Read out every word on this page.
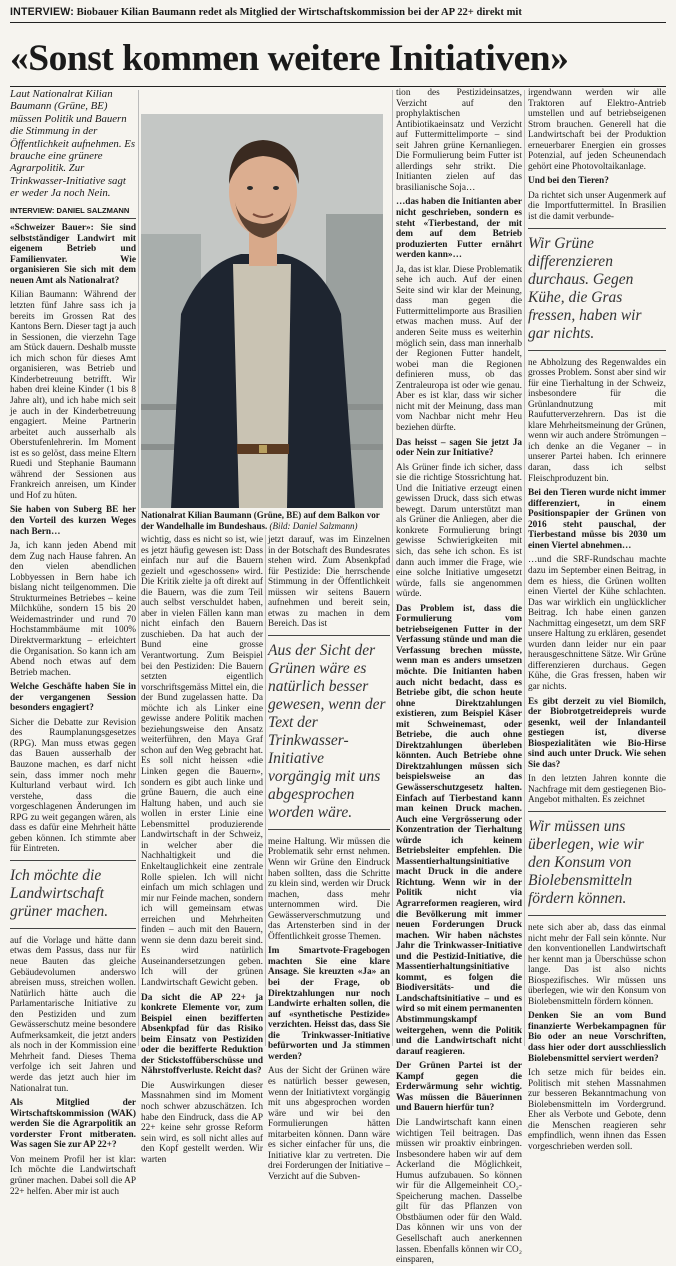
INTERVIEW: Biobauer Kilian Baumann redet als Mitglied der Wirtschaftskommission bei der AP 22+ direkt mit
«Sonst kommen weitere Initiativen»

Laut Nationalrat Kilian Baumann (Grüne, BE) müssen Politik und Bauern die Stimmung in der Öffentlichkeit aufnehmen. Es brauche eine grünere Agrarpolitik. Zur Trinkwasser-Initiative sagt er weder Ja noch Nein.

INTERVIEW: DANIEL SALZMANN

«Schweizer Bauer»: Sie sind selbstständiger Landwirt mit eigenem Betrieb und Familienvater. Wie organisieren Sie sich mit dem neuen Amt als Nationalrat?

Kilian Baumann: Während der letzten fünf Jahre sass ich ja bereits im Grossen Rat des Kantons Bern. Dieser tagt ja auch in Sessionen, die vierzehn Tage am Stück dauern. Deshalb musste ich mich schon für dieses Amt organisieren, was Betrieb und Kinderbetreuung betrifft. Wir haben drei kleine Kinder (1 bis 8 Jahre alt), und ich habe mich seit je auch in der Kinderbetreuung engagiert. Meine Partnerin arbeitet auch ausserhalb als Oberstufenlehrerin. Im Moment ist es so gelöst, dass meine Eltern Ruedi und Stephanie Baumann während der Sessionen aus Frankreich anreisen, um Kinder und Hof zu hüten.

Sie haben von Suberg BE her den Vorteil des kurzen Weges nach Bern…

Ja, ich kann jeden Abend mit dem Zug nach Hause fahren. An den vielen abendlichen Lobbyessen in Bern habe ich bislang nicht teilgenommen. Die Strukturmeines Betriebes – keine Milchkühe, sondern 15 bis 20 Weidemastrinder und rund 70 Hochstammbäume mit 100% Direktvermarktung – erleichtert die Organisation. So kann ich am Abend noch etwas auf dem Betrieb machen.

Welche Geschäfte haben Sie in der vergangenen Session besonders engagiert?

Sicher die Debatte zur Revision des Raumplanungsgesetzes (RPG). Man muss etwas gegen das Bauen ausserhalb der Bauzone machen, es darf nicht sein, dass immer noch mehr Kulturland verbaut wird. Ich verstehe, dass die vorgeschlagenen Änderungen im RPG zu weit gegangen wären, als dass es dafür eine Mehrheit hätte geben können. Ich stimmte aber für Eintreten.

Ich möchte die Landwirtschaft grüner machen.

auf die Vorlage und hätte dann etwas dem Passus, dass nur für neue Bauten das gleiche Gebäudevolumen anderswo abreisen muss, streichen wollen. Natürlich hätte auch die Parlamentarische Initiative zu den Pestiziden und zum Gewässerschutz meine besondere Aufmerksamkeit, die jetzt anders als noch in der Kommission eine Mehrheit fand. Dieses Thema verfolge ich seit Jahren und werde das jetzt auch hier im Nationalrat tun.

Als Mitglied der Wirtschaftskommission (WAK) werden Sie die Agrarpolitik an vorderster Front mitberaten. Was sagen Sie zur AP 22+?

Von meinem Profil her ist klar: Ich möchte die Landwirtschaft grüner machen. Dabei soll die AP 22+ helfen. Aber mir ist auch

Nationalrat Kilian Baumann (Grüne, BE) auf dem Balkon vor der Wandelhalle im Bundeshaus. (Bild: Daniel Salzmann)

wichtig, dass es nicht so ist, wie es jetzt häufig gewesen ist: Dass einfach nur auf die Bauern gezielt und «geschossen» wird. Die Kritik zielte ja oft direkt auf die Bauern, was die zum Teil auch selbst verschuldet haben, aber in vielen Fällen kann man nicht einfach den Bauern zuschieben. Da hat auch der Bund eine grosse Verantwortung. Zum Beispiel bei den Pestiziden: Die Bauern setzten eigentlich vorschriftsgemäss Mittel ein, die der Bund zugelassen hatte. Da möchte ich als Linker eine gewisse andere Politik machen beziehungsweise den Ansatz weiterführen, den Maya Graf schon auf den Weg gebracht hat. Es soll nicht heissen «die Linken gegen die Bauern», sondern es gibt auch linke und grüne Bauern, die auch eine Haltung haben, und auch sie wollen in erster Linie eine Lebensmittel produzierende Landwirtschaft in der Schweiz, in welcher aber die Nachhaltigkeit und die Enkeltauglichkeit eine zentrale Rolle spielen. Ich will nicht einfach um mich schlagen und mir nur Feinde machen, sondern ich will gemeinsam etwas erreichen und Mehrheiten finden – auch mit den Bauern, wenn sie denn dazu bereit sind. Es wird natürlich Auseinandersetzungen geben. Ich will der grünen Landwirtschaft Gewicht geben.

Da sicht die AP 22+ ja konkrete Elemente vor, zum Beispiel einen bezifferten Absenkpfad für das Risiko beim Einsatz von Pestiziden oder die bezifferte Reduktion der Stickstoffüberschüsse und Nährstoffverluste. Reicht das?

Die Auswirkungen dieser Massnahmen sind im Moment noch schwer abzuschätzen. Ich habe den Eindruck, dass die AP 22+ keine sehr grosse Reform sein wird, es soll nicht alles auf den Kopf gestellt werden. Wir warten

jetzt darauf, was im Einzelnen in der Botschaft des Bundesrates stehen wird. Zum Absenkpfad für Pestizide: Die herrschende Stimmung in der Öffentlichkeit müssen wir seitens Bauern aufnehmen und bereit sein, etwas zu machen in dem Bereich. Das ist

Aus der Sicht der Grünen wäre es natürlich besser gewesen, wenn der Text der Trinkwasser-Initiative vorgängig mit uns abgesprochen worden wäre.

meine Haltung. Wir müssen die Problematik sehr ernst nehmen. Wenn wir Grüne den Eindruck haben sollten, dass die Schritte zu klein sind, werden wir Druck machen, dass mehr unternommen wird. Die Gewässerverschmutzung und das Artensterben sind in der Öffentlichkeit grosse Themen.

Im Smartvote-Fragebogen machten Sie eine klare Ansage. Sie kreuzten «Ja» an bei der Frage, ob Direktzahlungen nur noch Landwirte erhalten sollen, die auf «synthetische Pestizide» verzichten. Heisst das, dass Sie die Trinkwasser-Initiative befürworten und Ja stimmen werden?

Aus der Sicht der Grünen wäre es natürlich besser gewesen, wenn der Initiativtext vorgängig mit uns abgesprochen worden wäre und wir bei den Formulierungen hätten mitarbeiten können. Dann wäre es sicher einfacher für uns, die Initiative klar zu vertreten. Die drei Forderungen der Initiative – Verzicht auf die Subven-

tion des Pestizideinsatzes, Verzicht auf den prophylaktischen Antibiotikaeinsatz und Verzicht auf Futtermittelimporte – sind seit Jahren grüne Kernanliegen. Die Formulierung beim Futter ist allerdings sehr strikt. Die Initianten zielen auf das brasilianische Soja…

…das haben die Initianten aber nicht geschrieben, sondern es steht «Tierbestand, der mit dem auf dem Betrieb produzierten Futter ernährt werden kann»…

Ja, das ist klar. Diese Problematik sehe ich auch. Auf der einen Seite sind wir klar der Meinung, dass man gegen die Futtermittelimporte aus Brasilien etwas machen muss. Auf der anderen Seite muss es weiterhin möglich sein, dass man innerhalb der Regionen Futter handelt, wobei man die Regionen definieren muss, ob das Zentraleuropa ist oder wie genau. Aber es ist klar, dass wir sicher nicht mit der Meinung, dass man vom Nachbar nicht mehr Heu beziehen dürfte.

Das heisst – sagen Sie jetzt Ja oder Nein zur Initiative?

Als Grüner finde ich sicher, dass sie die richtige Stossrichtung hat. Und die Initiative erzeugt einen gewissen Druck, dass sich etwas bewegt. Darum unterstützt man als Grüner die Anliegen, aber die konkrete Formulierung bringt gewisse Schwierigkeiten mit sich, das sehe ich schon. Es ist dann auch immer die Frage, wie eine solche Initiative umgesetzt würde, falls sie angenommen würde.

Das Problem ist, dass die Formulierung vom betriebseigenen Futter in der Verfassung stünde und man die Verfassung brechen müsste, wenn man es anders umsetzen möchte. Die Initianten haben auch nicht bedacht, dass es Betriebe gibt, die schon heute ohne Direktzahlungen existieren, zum Beispiel Käser mit Schweinemast, oder Betriebe, die auch ohne Direktzahlungen überleben könnten. Auch Betriebe ohne Direktzahlungen müssen sich beispielsweise an das Gewässerschutzgesetz halten. Einfach auf Tierbestand kann man keinen Druck machen. Auch eine Vergrösserung oder Konzentration der Tierhaltung würde ich keinem Betriebsleiter empfehlen. Die Massentierhaltungsinitiative macht Druck in die andere Richtung. Wenn wir in der Politik nicht via Agrarreformen reagieren, wird die Bevölkerung mit immer neuen Forderungen Druck machen. Wir haben nächstes Jahr die Trinkwasser-Initiative und die Pestizid-Initiative, die Massentierhaltungsinitiative kommt, es folgen die Biodiversitäts- und die Landschaftsinitiative – und es wird so mit einem permanenten Abstimmungskampf weitergehen, wenn die Politik und die Landwirtschaft nicht darauf reagieren.

Der Grünen Partei ist der Kampf gegen die Erderwärmung sehr wichtig. Was müssen die Bäuerinnen und Bauern hierfür tun?

Die Landwirtschaft kann einen wichtigen Teil beitragen. Das müssen wir proaktiv einbringen. Insbesondere haben wir auf dem Ackerland die Möglichkeit, Humus aufzubauen. So können wir für die Allgemeinheit CO₂-Speicherung machen. Dasselbe gilt für das Pflanzen von Obstbäumen oder für den Wald. Das können wir uns von der Gesellschaft auch anerkennen lassen. Ebenfalls können wir CO₂ einsparen,

irgendwann werden wir alle Traktoren auf Elektro-Antrieb umstellen und auf betriebseigenen Strom brauchen. Generell hat die Landwirtschaft bei der Produktion erneuerbarer Energien ein grosses Potenzial, auf jeden Scheunendach gehört eine Photovoltaikanlage.

Und bei den Tieren?

Da richtet sich unser Augenmerk auf die Importfuttermittel. In Brasilien ist die damit verbunde-

Wir Grüne differenzieren durchaus. Gegen Kühe, die Gras fressen, haben wir gar nichts.

ne Abholzung des Regenwaldes ein grosses Problem. Sonst aber sind wir für eine Tierhaltung in der Schweiz, insbesondere für die Grünlandnutzung mit Raufutterverzehrern. Das ist die klare Mehrheitsmeinung der Grünen, wenn wir auch andere Strömungen – ich denke an die Veganer – in unserer Partei haben. Ich erinnere daran, dass ich selbst Fleischproduzent bin.

Bei den Tieren wurde nicht immer differenziert, in einem Positionspapier der Grünen von 2016 steht pauschal, der Tierbestand müsse bis 2030 um einen Viertel abnehmen…

…und die SRF-Rundschau machte dazu im September einen Beitrag, in dem es hiess, die Grünen wollten einen Viertel der Kühe schlachten. Das war wirklich ein unglücklicher Beitrag. Ich habe einen ganzen Nachmittag eingesetzt, um dem SRF unsere Haltung zu erklären, gesendet wurden dann leider nur ein paar herausgeschnittene Sätze. Wir Grüne differenzieren durchaus. Gegen Kühe, die Gras fressen, haben wir gar nichts.

Es gibt derzeit zu viel Biomilch, der Biobrotgetreidepreis wurde gesenkt, weil der Inlandanteil gestiegen ist, diverse Biospezialitäten wie Bio-Hirse sind auch unter Druck. Wie sehen Sie das?

In den letzten Jahren konnte die Nachfrage mit dem gestiegenen Bio-Angebot mithalten. Es zeichnet

Wir müssen uns überlegen, wie wir den Konsum von Biolebensmitteln fördern können.

nete sich aber ab, dass das einmal nicht mehr der Fall sein könnte. Nur den konventionellen Landwirtschaft her kennt man ja Überschüsse schon lange. Das ist also nichts Biospezifisches. Wir müssen uns überlegen, wie wir den Konsum von Biolebensmitteln fördern können.

Denken Sie an vom Bund finanzierte Werbekampagnen für Bio oder an neue Vorschriften, dass hier oder dort ausschliesslich Biolebensmittel serviert werden?

Ich setze mich für beides ein. Politisch mit stehen Massnahmen zur besseren Bekanntmachung von Biolebensmitteln im Vordergrund. Eher als Verbote und Gebote, denn die Menschen reagieren sehr empfindlich, wenn ihnen das Essen vorgeschrieben werden soll.
